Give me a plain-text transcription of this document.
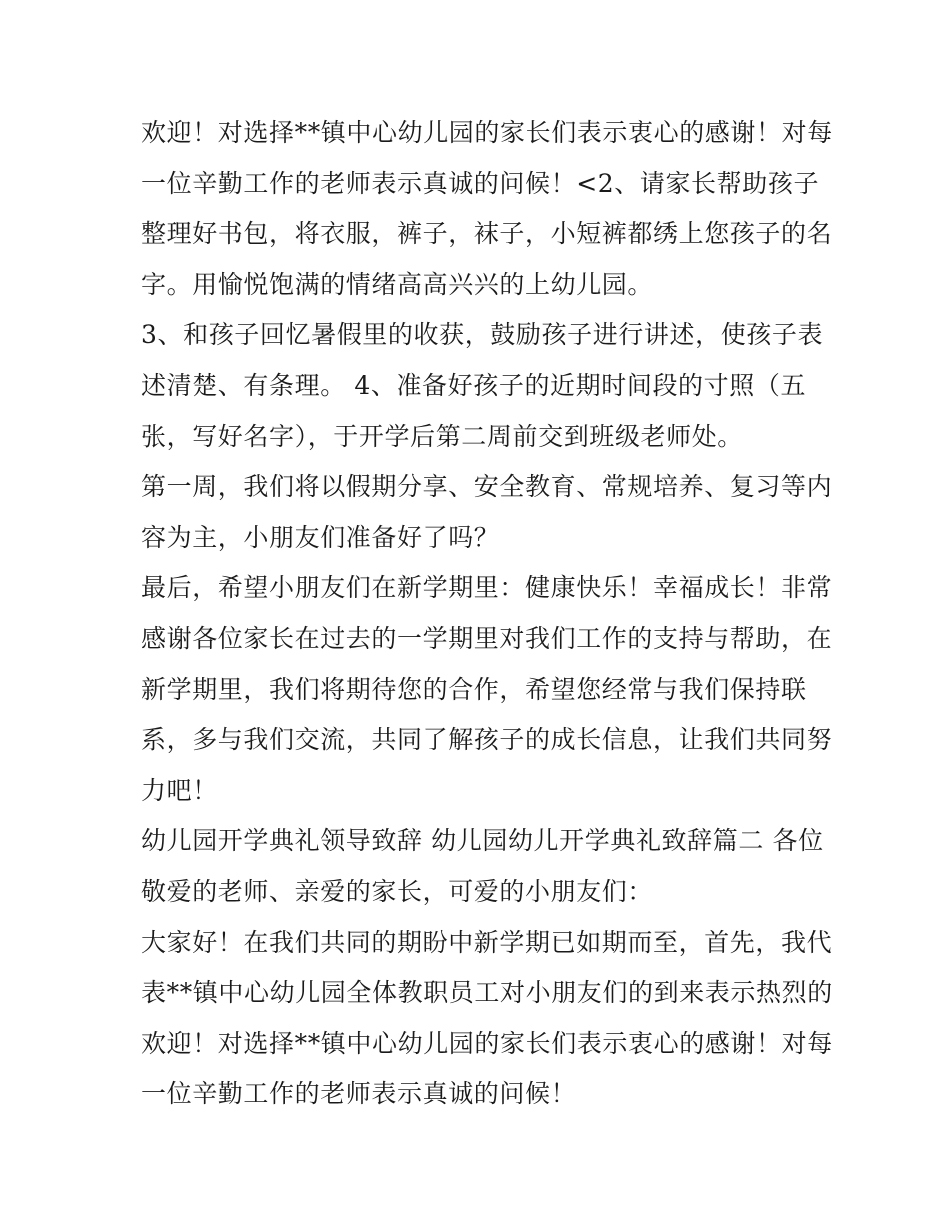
欢迎！对选择**镇中心幼儿园的家长们表示衷心的感谢！对每
一位辛勤工作的老师表示真诚的问候！<2、请家长帮助孩子
整理好书包，将衣服，裤子，袜子，小短裤都绣上您孩子的名
字。用愉悦饱满的情绪高高兴兴的上幼儿园。
3、和孩子回忆暑假里的收获，鼓励孩子进行讲述，使孩子表
述清楚、有条理。 4、准备好孩子的近期时间段的寸照（五
张，写好名字），于开学后第二周前交到班级老师处。
第一周，我们将以假期分享、安全教育、常规培养、复习等内
容为主，小朋友们准备好了吗？
最后，希望小朋友们在新学期里：健康快乐！幸福成长！非常
感谢各位家长在过去的一学期里对我们工作的支持与帮助，在
新学期里，我们将期待您的合作，希望您经常与我们保持联
系，多与我们交流，共同了解孩子的成长信息，让我们共同努
力吧！
幼儿园开学典礼领导致辞 幼儿园幼儿开学典礼致辞篇二 各位
敬爱的老师、亲爱的家长，可爱的小朋友们：
大家好！在我们共同的期盼中新学期已如期而至，首先，我代
表**镇中心幼儿园全体教职员工对小朋友们的到来表示热烈的
欢迎！对选择**镇中心幼儿园的家长们表示衷心的感谢！对每
一位辛勤工作的老师表示真诚的问候！
